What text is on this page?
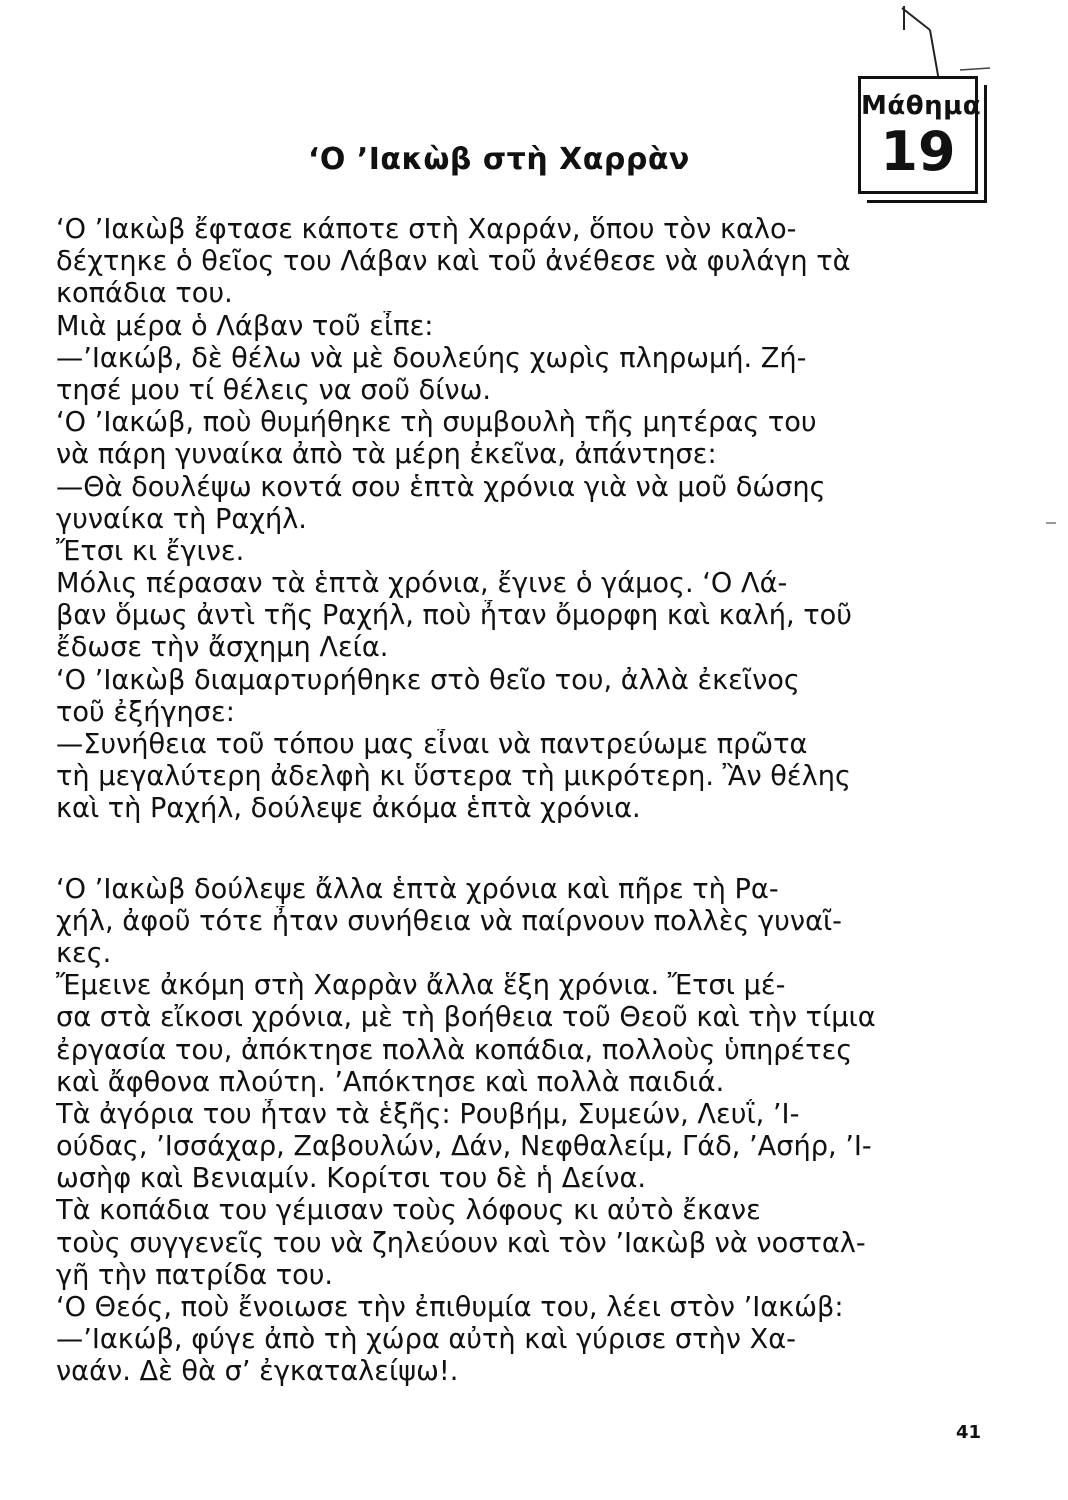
Μάθημα
19
‘Ο ’Ιακὼβ στὴ Χαρρὰν
‘Ο ’Ιακὼβ ἔφτασε κάποτε στὴ Χαρράν, ὅπου τὸν καλο-
δέχτηκε ὁ θεῖος του Λάβαν καὶ τοῦ ἀνέθεσε νὰ φυλάγη τὰ
κοπάδια του.
Μιὰ μέρα ὁ Λάβαν τοῦ εἶπε:
—’Ιακώβ, δὲ θέλω νὰ μὲ δουλεύης χωρὶς πληρωμή. Ζή-
τησέ μου τί θέλεις να σοῦ δίνω.
‘Ο ’Ιακώβ, ποὺ θυμήθηκε τὴ συμβουλὴ τῆς μητέρας του
νὰ πάρη γυναίκα ἀπὸ τὰ μέρη ἐκεῖνα, ἀπάντησε:
—Θὰ δουλέψω κοντά σου ἑπτὰ χρόνια γιὰ νὰ μοῦ δώσης
γυναίκα τὴ Ραχήλ.
Ἔτσι κι ἔγινε.
Μόλις πέρασαν τὰ ἑπτὰ χρόνια, ἔγινε ὁ γάμος. ‘Ο Λά-
βαν ὅμως ἀντὶ τῆς Ραχήλ, ποὺ ἦταν ὄμορφη καὶ καλή, τοῦ
ἔδωσε τὴν ἄσχημη Λεία.
‘Ο ’Ιακὼβ διαμαρτυρήθηκε στὸ θεῖο του, ἀλλὰ ἐκεῖνος
τοῦ ἐξήγησε:
—Συνήθεια τοῦ τόπου μας εἶναι νὰ παντρεύωμε πρῶτα
τὴ μεγαλύτερη ἀδελφὴ κι ὕστερα τὴ μικρότερη. Ἂν θέλης
καὶ τὴ Ραχήλ, δούλεψε ἀκόμα ἑπτὰ χρόνια.
‘Ο ’Ιακὼβ δούλεψε ἄλλα ἑπτὰ χρόνια καὶ πῆρε τὴ Ρα-
χήλ, ἀφοῦ τότε ἦταν συνήθεια νὰ παίρνουν πολλὲς γυναῖ-
κες.
Ἔμεινε ἀκόμη στὴ Χαρρὰν ἄλλα ἕξη χρόνια. Ἔτσι μέ-
σα στὰ εἴκοσι χρόνια, μὲ τὴ βοήθεια τοῦ Θεοῦ καὶ τὴν τίμια
ἐργασία του, ἀπόκτησε πολλὰ κοπάδια, πολλοὺς ὑπηρέτες
καὶ ἄφθονα πλούτη. ’Απόκτησε καὶ πολλὰ παιδιά.
Τὰ ἀγόρια του ἦταν τὰ ἑξῆς: Ρουβήμ, Συμεών, Λευΐ, ’Ι-
ούδας, ’Ισσάχαρ, Ζαβουλών, Δάν, Νεφθαλείμ, Γάδ, ’Ασήρ, ’Ι-
ωσὴφ καὶ Βενιαμίν. Κορίτσι του δὲ ἡ Δείνα.
Τὰ κοπάδια του γέμισαν τοὺς λόφους κι αὐτὸ ἔκανε
τοὺς συγγενεῖς του νὰ ζηλεύουν καὶ τὸν ’Ιακὼβ νὰ νοσταλ-
γῆ τὴν πατρίδα του.
‘Ο Θεός, ποὺ ἔνοιωσε τὴν ἐπιθυμία του, λέει στὸν ’Ιακώβ:
—’Ιακώβ, φύγε ἀπὸ τὴ χώρα αὐτὴ καὶ γύρισε στὴν Χα-
ναάν. Δὲ θὰ σ’ ἐγκαταλείψω!.
41
